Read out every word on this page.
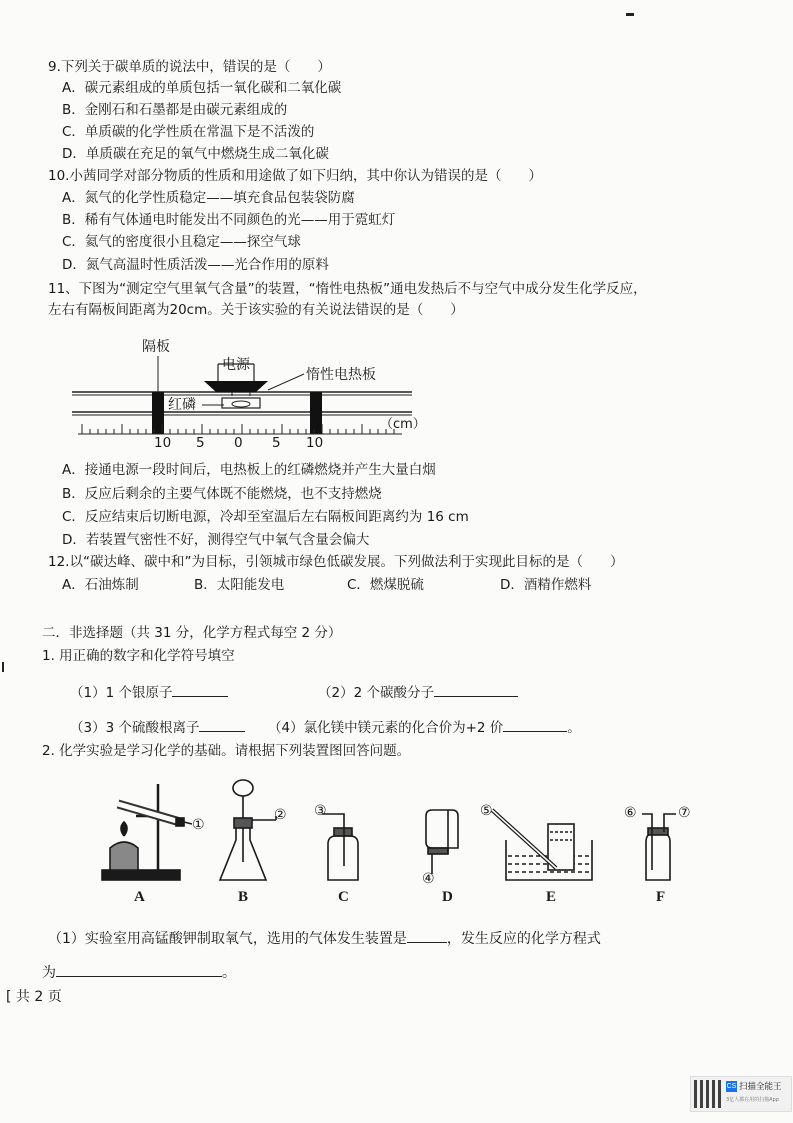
9.下列关于碳单质的说法中，错误的是（　　）
A．碳元素组成的单质包括一氧化碳和二氧化碳
B．金刚石和石墨都是由碳元素组成的
C．单质碳的化学性质在常温下是不活泼的
D．单质碳在充足的氧气中燃烧生成二氧化碳
10.小茜同学对部分物质的性质和用途做了如下归纳，其中你认为错误的是（　　）
A．氮气的化学性质稳定——填充食品包装袋防腐
B．稀有气体通电时能发出不同颜色的光——用于霓虹灯
C．氦气的密度很小且稳定——探空气球
D．氮气高温时性质活泼——光合作用的原料
11、下图为“测定空气里氧气含量”的装置，“惰性电热板”通电发热后不与空气中成分发生化学反应，
左右有隔板间距离为20cm。关于该实验的有关说法错误的是（　　）
隔板
电源
惰性电热板
红磷
（cm）
10 5 0 5 10
A．接通电源一段时间后，电热板上的红磷燃烧并产生大量白烟
B．反应后剩余的主要气体既不能燃烧，也不支持燃烧
C．反应结束后切断电源，冷却至室温后左右隔板间距离约为 16 cm
D．若装置气密性不好，测得空气中氧气含量会偏大
12.以“碳达峰、碳中和”为目标，引领城市绿色低碳发展。下列做法利于实现此目标的是（　　）
A．石油炼制	B．太阳能发电	C．燃煤脱硫	D．酒精作燃料
二．非选择题（共 31 分，化学方程式每空 2 分）
1. 用正确的数字和化学符号填空
（1）1 个银原子	（2）2 个碳酸分子
（3）3 个硫酸根离子	（4）氯化镁中镁元素的化合价为+2 价	。
2. 化学实验是学习化学的基础。请根据下列装置图回答问题。
①
② ③
④
⑤	⑥	⑦
A	B	C	D	E	F
（1）实验室用高锰酸钾制取氧气，选用的气体发生装置是	，发生反应的化学方程式
为	。
[ 共 2 页
CS 扫描全能王
3亿人都在用的扫描App
